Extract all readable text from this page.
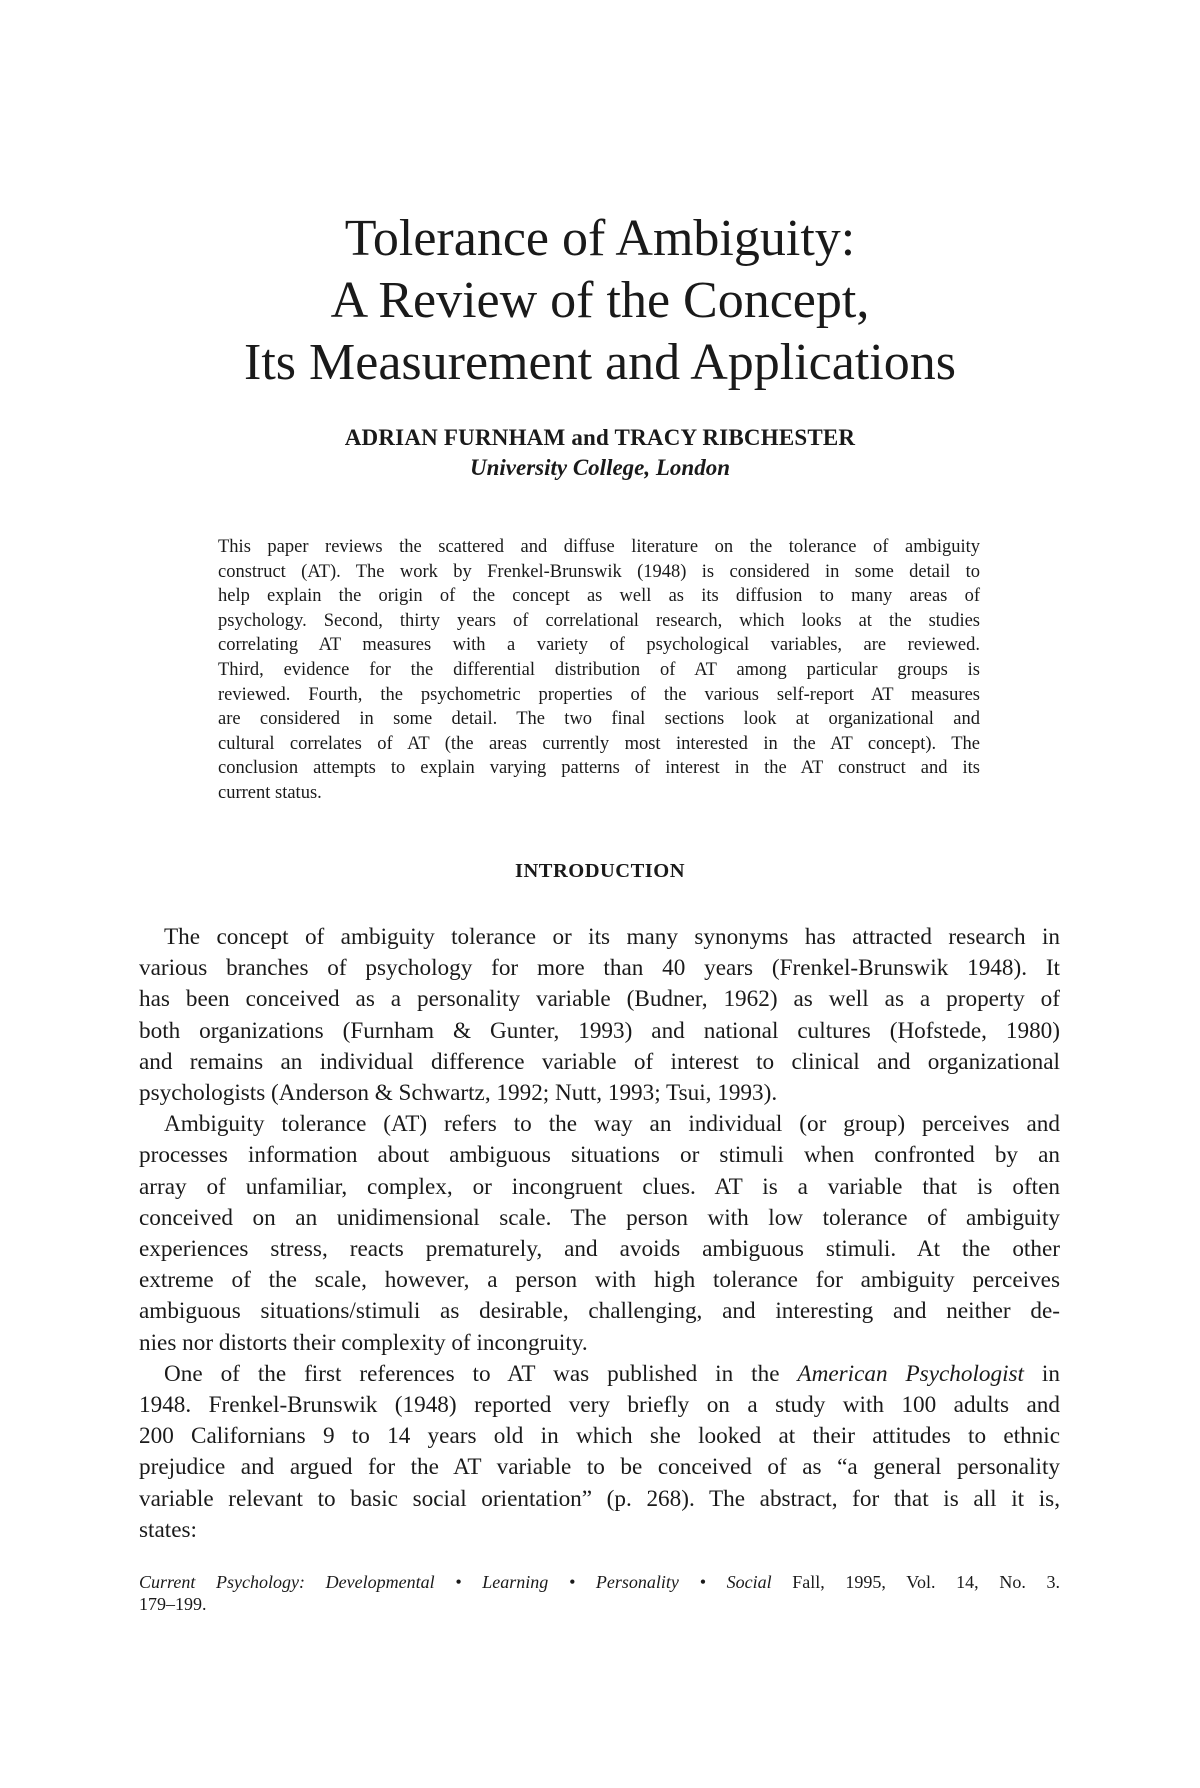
Tolerance of Ambiguity:
A Review of the Concept,
Its Measurement and Applications
ADRIAN FURNHAM and TRACY RIBCHESTER
University College, London
This paper reviews the scattered and diffuse literature on the tolerance of ambiguity
construct (AT). The work by Frenkel-Brunswik (1948) is considered in some detail to
help explain the origin of the concept as well as its diffusion to many areas of
psychology. Second, thirty years of correlational research, which looks at the studies
correlating AT measures with a variety of psychological variables, are reviewed.
Third, evidence for the differential distribution of AT among particular groups is
reviewed. Fourth, the psychometric properties of the various self-report AT measures
are considered in some detail. The two final sections look at organizational and
cultural correlates of AT (the areas currently most interested in the AT concept). The
conclusion attempts to explain varying patterns of interest in the AT construct and its
current status.
INTRODUCTION
The concept of ambiguity tolerance or its many synonyms has attracted research in
various branches of psychology for more than 40 years (Frenkel-Brunswik 1948). It
has been conceived as a personality variable (Budner, 1962) as well as a property of
both organizations (Furnham & Gunter, 1993) and national cultures (Hofstede, 1980)
and remains an individual difference variable of interest to clinical and organizational
psychologists (Anderson & Schwartz, 1992; Nutt, 1993; Tsui, 1993).
Ambiguity tolerance (AT) refers to the way an individual (or group) perceives and
processes information about ambiguous situations or stimuli when confronted by an
array of unfamiliar, complex, or incongruent clues. AT is a variable that is often
conceived on an unidimensional scale. The person with low tolerance of ambiguity
experiences stress, reacts prematurely, and avoids ambiguous stimuli. At the other
extreme of the scale, however, a person with high tolerance for ambiguity perceives
ambiguous situations/stimuli as desirable, challenging, and interesting and neither de-
nies nor distorts their complexity of incongruity.
One of the first references to AT was published in the American Psychologist in
1948. Frenkel-Brunswik (1948) reported very briefly on a study with 100 adults and
200 Californians 9 to 14 years old in which she looked at their attitudes to ethnic
prejudice and argued for the AT variable to be conceived of as “a general personality
variable relevant to basic social orientation” (p. 268). The abstract, for that is all it is,
states:
Current Psychology: Developmental • Learning • Personality • Social Fall, 1995, Vol. 14, No. 3.
179–199.
